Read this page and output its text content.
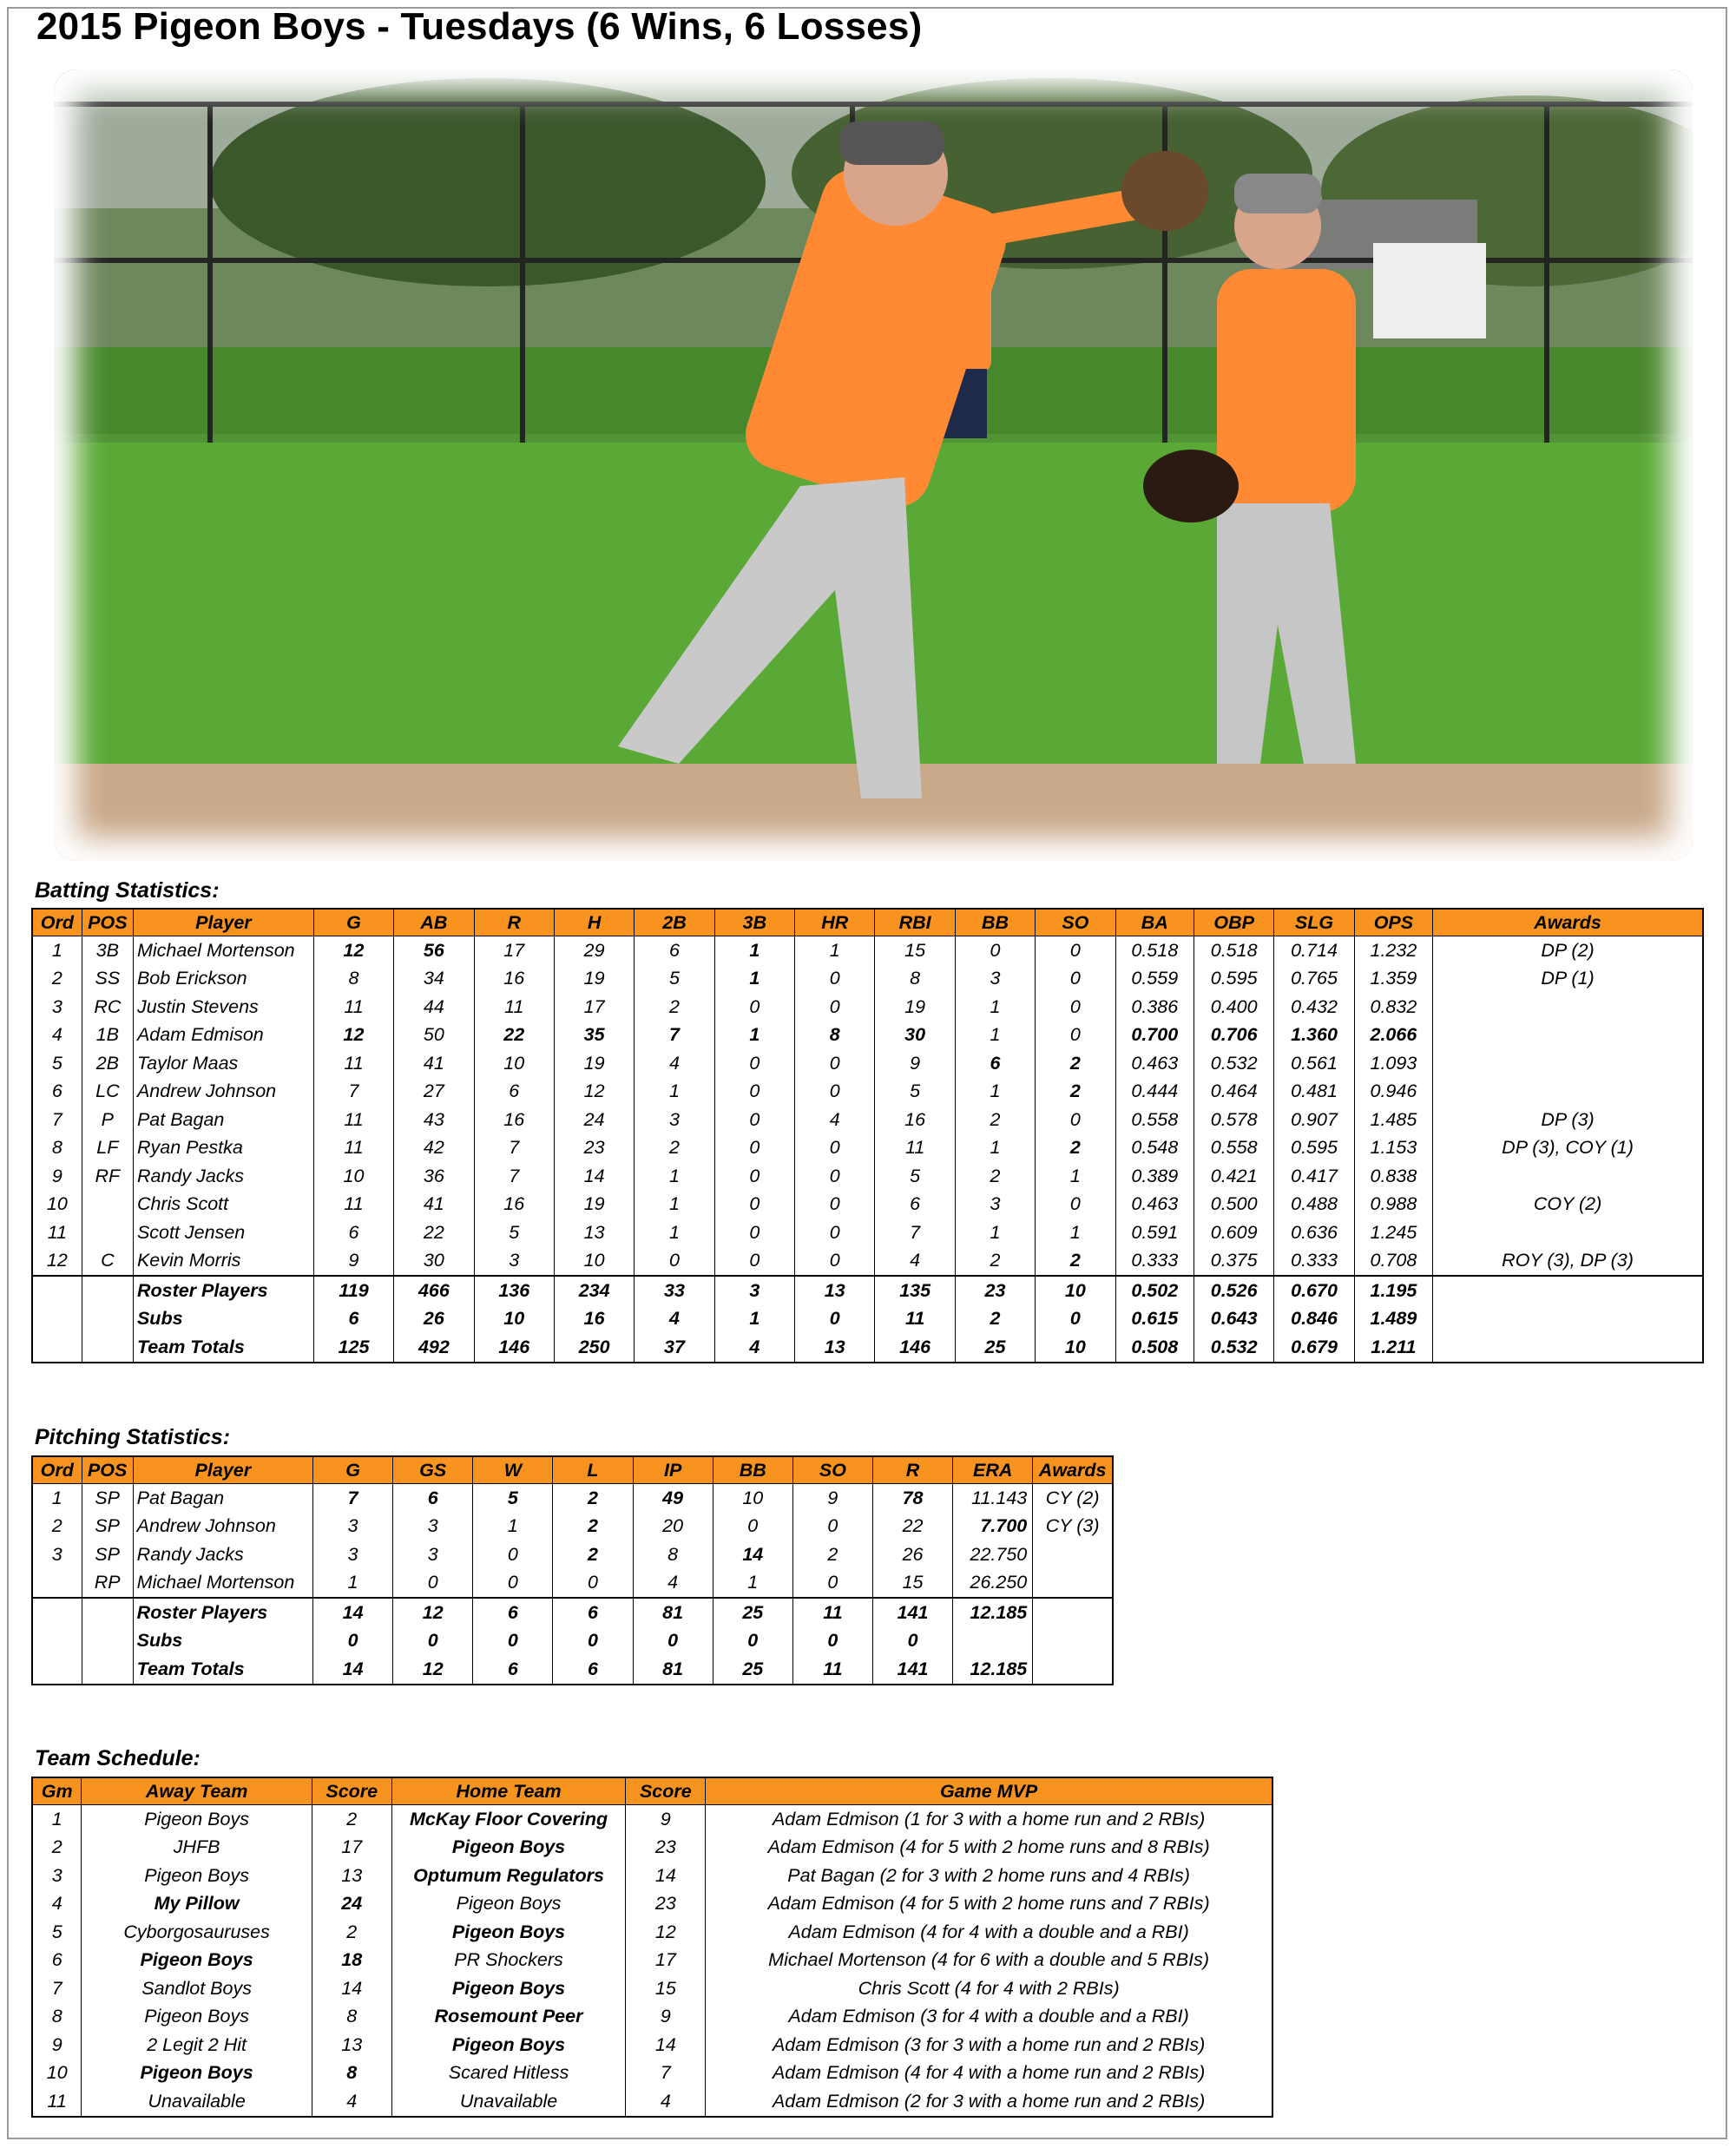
2015 Pigeon Boys - Tuesdays (6 Wins, 6 Losses)
Batting Statistics:
Ord	POS	Player	G	AB	R	H	2B	3B	HR	RBI	BB	SO	BA	OBP	SLG	OPS	Awards
1	3B	Michael Mortenson	12	56	17	29	6	1	1	15	0	0	0.518	0.518	0.714	1.232	DP (2)
2	SS	Bob Erickson	8	34	16	19	5	1	0	8	3	0	0.559	0.595	0.765	1.359	DP (1)
3	RC	Justin Stevens	11	44	11	17	2	0	0	19	1	0	0.386	0.400	0.432	0.832	
4	1B	Adam Edmison	12	50	22	35	7	1	8	30	1	0	0.700	0.706	1.360	2.066	
5	2B	Taylor Maas	11	41	10	19	4	0	0	9	6	2	0.463	0.532	0.561	1.093	
6	LC	Andrew Johnson	7	27	6	12	1	0	0	5	1	2	0.444	0.464	0.481	0.946	
7	P	Pat Bagan	11	43	16	24	3	0	4	16	2	0	0.558	0.578	0.907	1.485	DP (3)
8	LF	Ryan Pestka	11	42	7	23	2	0	0	11	1	2	0.548	0.558	0.595	1.153	DP (3), COY (1)
9	RF	Randy Jacks	10	36	7	14	1	0	0	5	2	1	0.389	0.421	0.417	0.838	
10		Chris Scott	11	41	16	19	1	0	0	6	3	0	0.463	0.500	0.488	0.988	COY (2)
11		Scott Jensen	6	22	5	13	1	0	0	7	1	1	0.591	0.609	0.636	1.245	
12	C	Kevin Morris	9	30	3	10	0	0	0	4	2	2	0.333	0.375	0.333	0.708	ROY (3), DP (3)
		Roster Players	119	466	136	234	33	3	13	135	23	10	0.502	0.526	0.670	1.195	
		Subs	6	26	10	16	4	1	0	11	2	0	0.615	0.643	0.846	1.489	
		Team Totals	125	492	146	250	37	4	13	146	25	10	0.508	0.532	0.679	1.211	
Pitching Statistics:
Ord	POS	Player	G	GS	W	L	IP	BB	SO	R	ERA	Awards
1	SP	Pat Bagan	7	6	5	2	49	10	9	78	11.143	CY (2)
2	SP	Andrew Johnson	3	3	1	2	20	0	0	22	7.700	CY (3)
3	SP	Randy Jacks	3	3	0	2	8	14	2	26	22.750	
	RP	Michael Mortenson	1	0	0	0	4	1	0	15	26.250	
		Roster Players	14	12	6	6	81	25	11	141	12.185	
		Subs	0	0	0	0	0	0	0	0		
		Team Totals	14	12	6	6	81	25	11	141	12.185	
Team Schedule:
Gm	Away Team	Score	Home Team	Score	Game MVP
1	Pigeon Boys	2	McKay Floor Covering	9	Adam Edmison (1 for 3 with a home run and 2 RBIs)
2	JHFB	17	Pigeon Boys	23	Adam Edmison (4 for 5 with 2 home runs and 8 RBIs)
3	Pigeon Boys	13	Optumum Regulators	14	Pat Bagan (2 for 3 with 2 home runs and 4 RBIs)
4	My Pillow	24	Pigeon Boys	23	Adam Edmison (4 for 5 with 2 home runs and 7 RBIs)
5	Cyborgosauruses	2	Pigeon Boys	12	Adam Edmison (4 for 4 with a double and a RBI)
6	Pigeon Boys	18	PR Shockers	17	Michael Mortenson (4 for 6 with a double and 5 RBIs)
7	Sandlot Boys	14	Pigeon Boys	15	Chris Scott (4 for 4 with 2 RBIs)
8	Pigeon Boys	8	Rosemount Peer	9	Adam Edmison (3 for 4 with a double and a RBI)
9	2 Legit 2 Hit	13	Pigeon Boys	14	Adam Edmison (3 for 3 with a home run and 2 RBIs)
10	Pigeon Boys	8	Scared Hitless	7	Adam Edmison (4 for 4 with a home run and 2 RBIs)
11	Unavailable	4	Unavailable	4	Adam Edmison (2 for 3 with a home run and 2 RBIs)
